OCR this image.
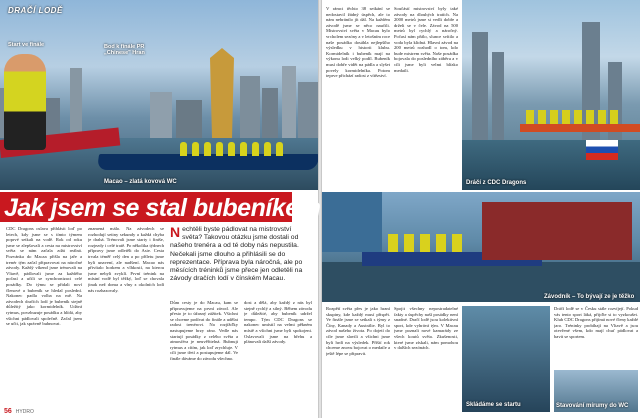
DRAČÍ LODĚ
Start ve finále	Bod k finále PR „Chinese" Hran
Macao – zlatá kovová WC
CDC Dragons oslava přihlásit loď po letech, kdy jsme se s tímto týmem poprvé setkali na vodě. Rok od roku jsme se zlepšovali a cesta na mistrovství světa se nám začala zdát reálná. Pozvánka do Macaa přišla na jaře a trenér tým začal připravovat na náročné závody. Každý víkend jsme trénovali na Vltavě, pádlovali jsme za každého počasí a učili se synchronizaci celé posádky. Do týmu se přidali noví členové a bubeník se hledal poslední. Nakonec padla volba na mě. Na závodech dračích lodí je bubeník stejně důležitý jako kormidelník. Udává rytmus, povzbuzuje posádku a hlídá, aby všichni pádlovali společně. Začal jsem se učit, jak správně bubnovat.
znamená málo. Na závodech se rozhodují setiny sekundy a každá chyba je drahá. Trénovali jsme starty i finiše, rozjezdy i celé tratě. Po několika týdnech přípravy jsme odletěli do Asie. Cesta trvala téměř celý den a po příletu jsme byli unavení, ale nadšení. Macao nás přivítalo horkem a vlhkostí, na kterou jsme nebyli zvyklí. První trénink na místní vodě byl těžký, loď se chovala jinak než doma a vlny z okolních lodí nás rozhazovaly.
N echtěli byste pádlovat na mistrovství světa? Takovou otázku jsme dostali od našeho trenéra a od té doby nás nepustila. Nečekali jsme dlouho a přihlásili se do reprezentace. Příprava byla náročná, ale po měsících tréninků jsme přece jen odletěli na závody dračích lodí v čínském Macau.
Dům cesty je do Macau, kam se připravujeme na první závod. Ale přesto je to úžasný zážitek. Všichni se chceme podívat do finále a udělat radost trenérovi. Na rozjížďky nastupujeme brzy ráno. Vedle nás startují posádky z celého světa a atmosféra je neuvěřitelná. Bubnuji rytmus a cítím, jak loď zrychluje. V cíli jsme třetí a postupujeme dál. Ve finále dáváme do závodu všechno.
dost a dělá, aby každý z nás byl stejně rychlý a silný. Během závodu je důležité, aby bubeník udržel tempo. Tým CDC Dragons se nakonec umístil na velmi pěkném místě a všichni jsme byli spokojeni. Oslavovali jsme na břehu a plánovali další závody.
56 HYDRO
V rámci těchto 38 setkání se nedostavil žádný úspěch, ale to nám nebránilo jít dál. Na každém závodě jsme se něco naučili. Mistrovství světa v Macau bylo vrcholem sezóny a v letošním roce naše posádka dosáhla nejlepšího výsledku v historii klubu. Kormidelník i bubeník mají na výkonu lodi velký podíl. Bubeník musí dobře vidět na pádla a slyšet povely kormidelníka. Potom teprve přichází radost z vítězství.
Součástí mistrovství byly také závody na dlouhých tratích. Na 2000 metrů jsme si vedli dobře a drželi se v čele. Závod na 500 metrů byl rychlý a náročný. Počasí nám přálo, slunce svítilo a voda byla klidná. Hlavní závod na 200 metrů rozhodl o tom, kdo bude mistrem světa. Naše posádka bojovala do posledního záběru a v cíli jsme byli velmi blízko medaili.
Dráčí z CDC Dragons
Závodník – To bývají ze je těžko
Rozpětí světa přes je jako hraní skupiny, kde každý musí přispět. Ve finále jsme se setkali s týmy z Číny, Kanady a Austrálie. Byl to závod našeho života. Po dojetí do cíle jsme slavili a všichni jsme byli hrdí na výsledek. Příští rok chceme znovu bojovat o medaile a ještě lépe se připravit.
Spojit všechny nepostradatelné fakty a úspěchy naší posádky není snadné. Dračí lodě jsou kolektivní sport, kde vyhrává tým. V Macau jsme poznali nové kamarády ze všech koutů světa. Zkušenosti, které jsme získali, nám pomohou v dalších sezónách.
Skládáme se startu
Dráčí lodě se v Česku stále rozvíjejí. Pokud vás tento sport láká, přijďte si to vyzkoušet. Klub CDC Dragons přijímá nové členy každé jaro. Tréninky probíhají na Vltavě a jsou otevřené všem, kdo mají chuť pádlovat a bavit se sportem.
Stavování mírumy do WC
Jak jsem se stal bubeníkem
